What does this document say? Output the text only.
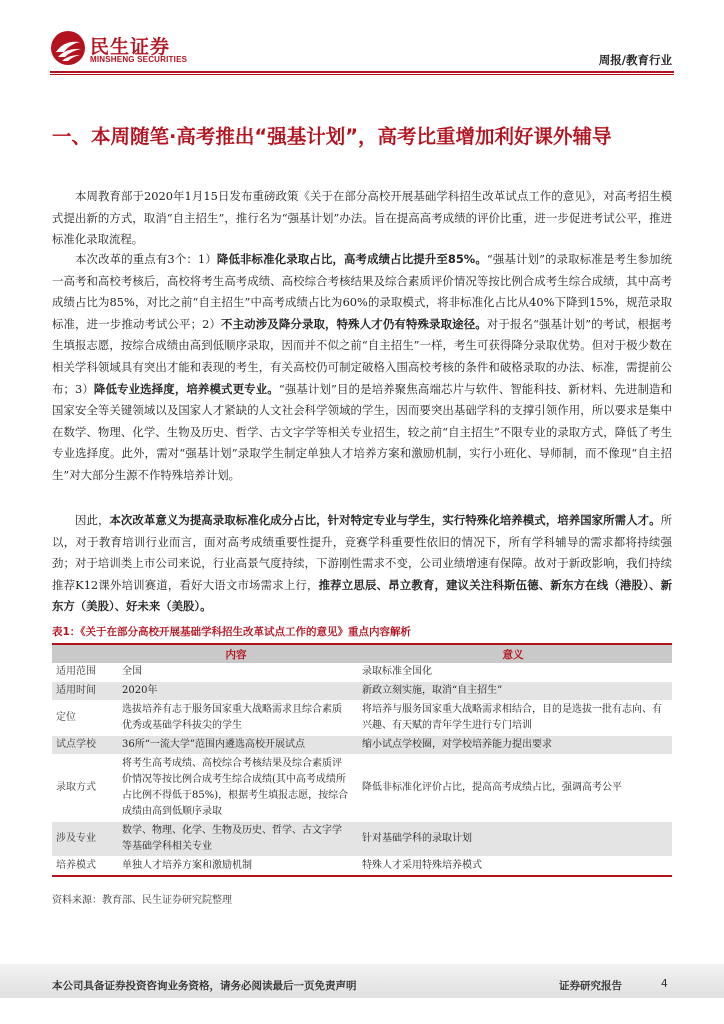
民生证券
MINSHENG SECURITIES	周报/教育行业
一、本周随笔·高考推出“强基计划”，高考比重增加利好课外辅导
本周教育部于2020年1月15日发布重磅政策《关于在部分高校开展基础学科招生改革试点工作的意见》，对高考招生模式提出新的方式，取消“自主招生”，推行名为“强基计划”办法。旨在提高高考成绩的评价比重，进一步促进考试公平，推进标准化录取流程。
本次改革的重点有3个：1）降低非标准化录取占比，高考成绩占比提升至85%。“强基计划”的录取标准是考生参加统一高考和高校考核后，高校将考生高考成绩、高校综合考核结果及综合素质评价情况等按比例合成考生综合成绩，其中高考成绩占比为85%，对比之前“自主招生”中高考成绩占比为60%的录取模式，将非标准化占比从40%下降到15%，规范录取标准，进一步推动考试公平；2）不主动涉及降分录取，特殊人才仍有特殊录取途径。对于报名“强基计划”的考试，根据考生填报志愿，按综合成绩由高到低顺序录取，因而并不似之前“自主招生”一样，考生可获得降分录取优势。但对于极少数在相关学科领域具有突出才能和表现的考生，有关高校仍可制定破格入围高校考核的条件和破格录取的办法、标准，需提前公布；3）降低专业选择度，培养模式更专业。“强基计划”目的是培养聚焦高端芯片与软件、智能科技、新材料、先进制造和国家安全等关键领域以及国家人才紧缺的人文社会科学领域的学生，因而要突出基础学科的支撑引领作用，所以要求是集中在数学、物理、化学、生物及历史、哲学、古文字学等相关专业招生，较之前“自主招生”不限专业的录取方式，降低了考生专业选择度。此外，需对“强基计划”录取学生制定单独人才培养方案和激励机制，实行小班化、导师制，而不像现“自主招生”对大部分生源不作特殊培养计划。
因此，本次改革意义为提高录取标准化成分占比，针对特定专业与学生，实行特殊化培养模式，培养国家所需人才。所以，对于教育培训行业而言，面对高考成绩重要性提升，竞赛学科重要性依旧的情况下，所有学科辅导的需求都将持续强劲；对于培训类上市公司来说，行业高景气度持续，下游刚性需求不变，公司业绩增速有保障。故对于新政影响，我们持续推荐K12课外培训赛道，看好大语文市场需求上行，推荐立思辰、昂立教育，建议关注科斯伍德、新东方在线（港股）、新东方（美股）、好未来（美股）。
表1：《关于在部分高校开展基础学科招生改革试点工作的意见》重点内容解析
	内容	意义
适用范围	全国	录取标准全国化
适用时间	2020年	新政立刻实施，取消“自主招生”
定位	选拔培养有志于服务国家重大战略需求且综合素质优秀或基础学科拔尖的学生	将培养与服务国家重大战略需求相结合，目的是选拔一批有志向、有兴趣、有天赋的青年学生进行专门培训
试点学校	36所“一流大学”范围内遴选高校开展试点	缩小试点学校圈，对学校培养能力提出要求
录取方式	将考生高考成绩、高校综合考核结果及综合素质评价情况等按比例合成考生综合成绩(其中高考成绩所占比例不得低于85%)，根据考生填报志愿，按综合成绩由高到低顺序录取	降低非标准化评价占比，提高高考成绩占比，强调高考公平
涉及专业	数学、物理、化学、生物及历史、哲学、古文字学等基础学科相关专业	针对基础学科的录取计划
培养模式	单独人才培养方案和激励机制	特殊人才采用特殊培养模式
资料来源：教育部、民生证券研究院整理
本公司具备证券投资咨询业务资格，请务必阅读最后一页免责声明	证券研究报告	4
